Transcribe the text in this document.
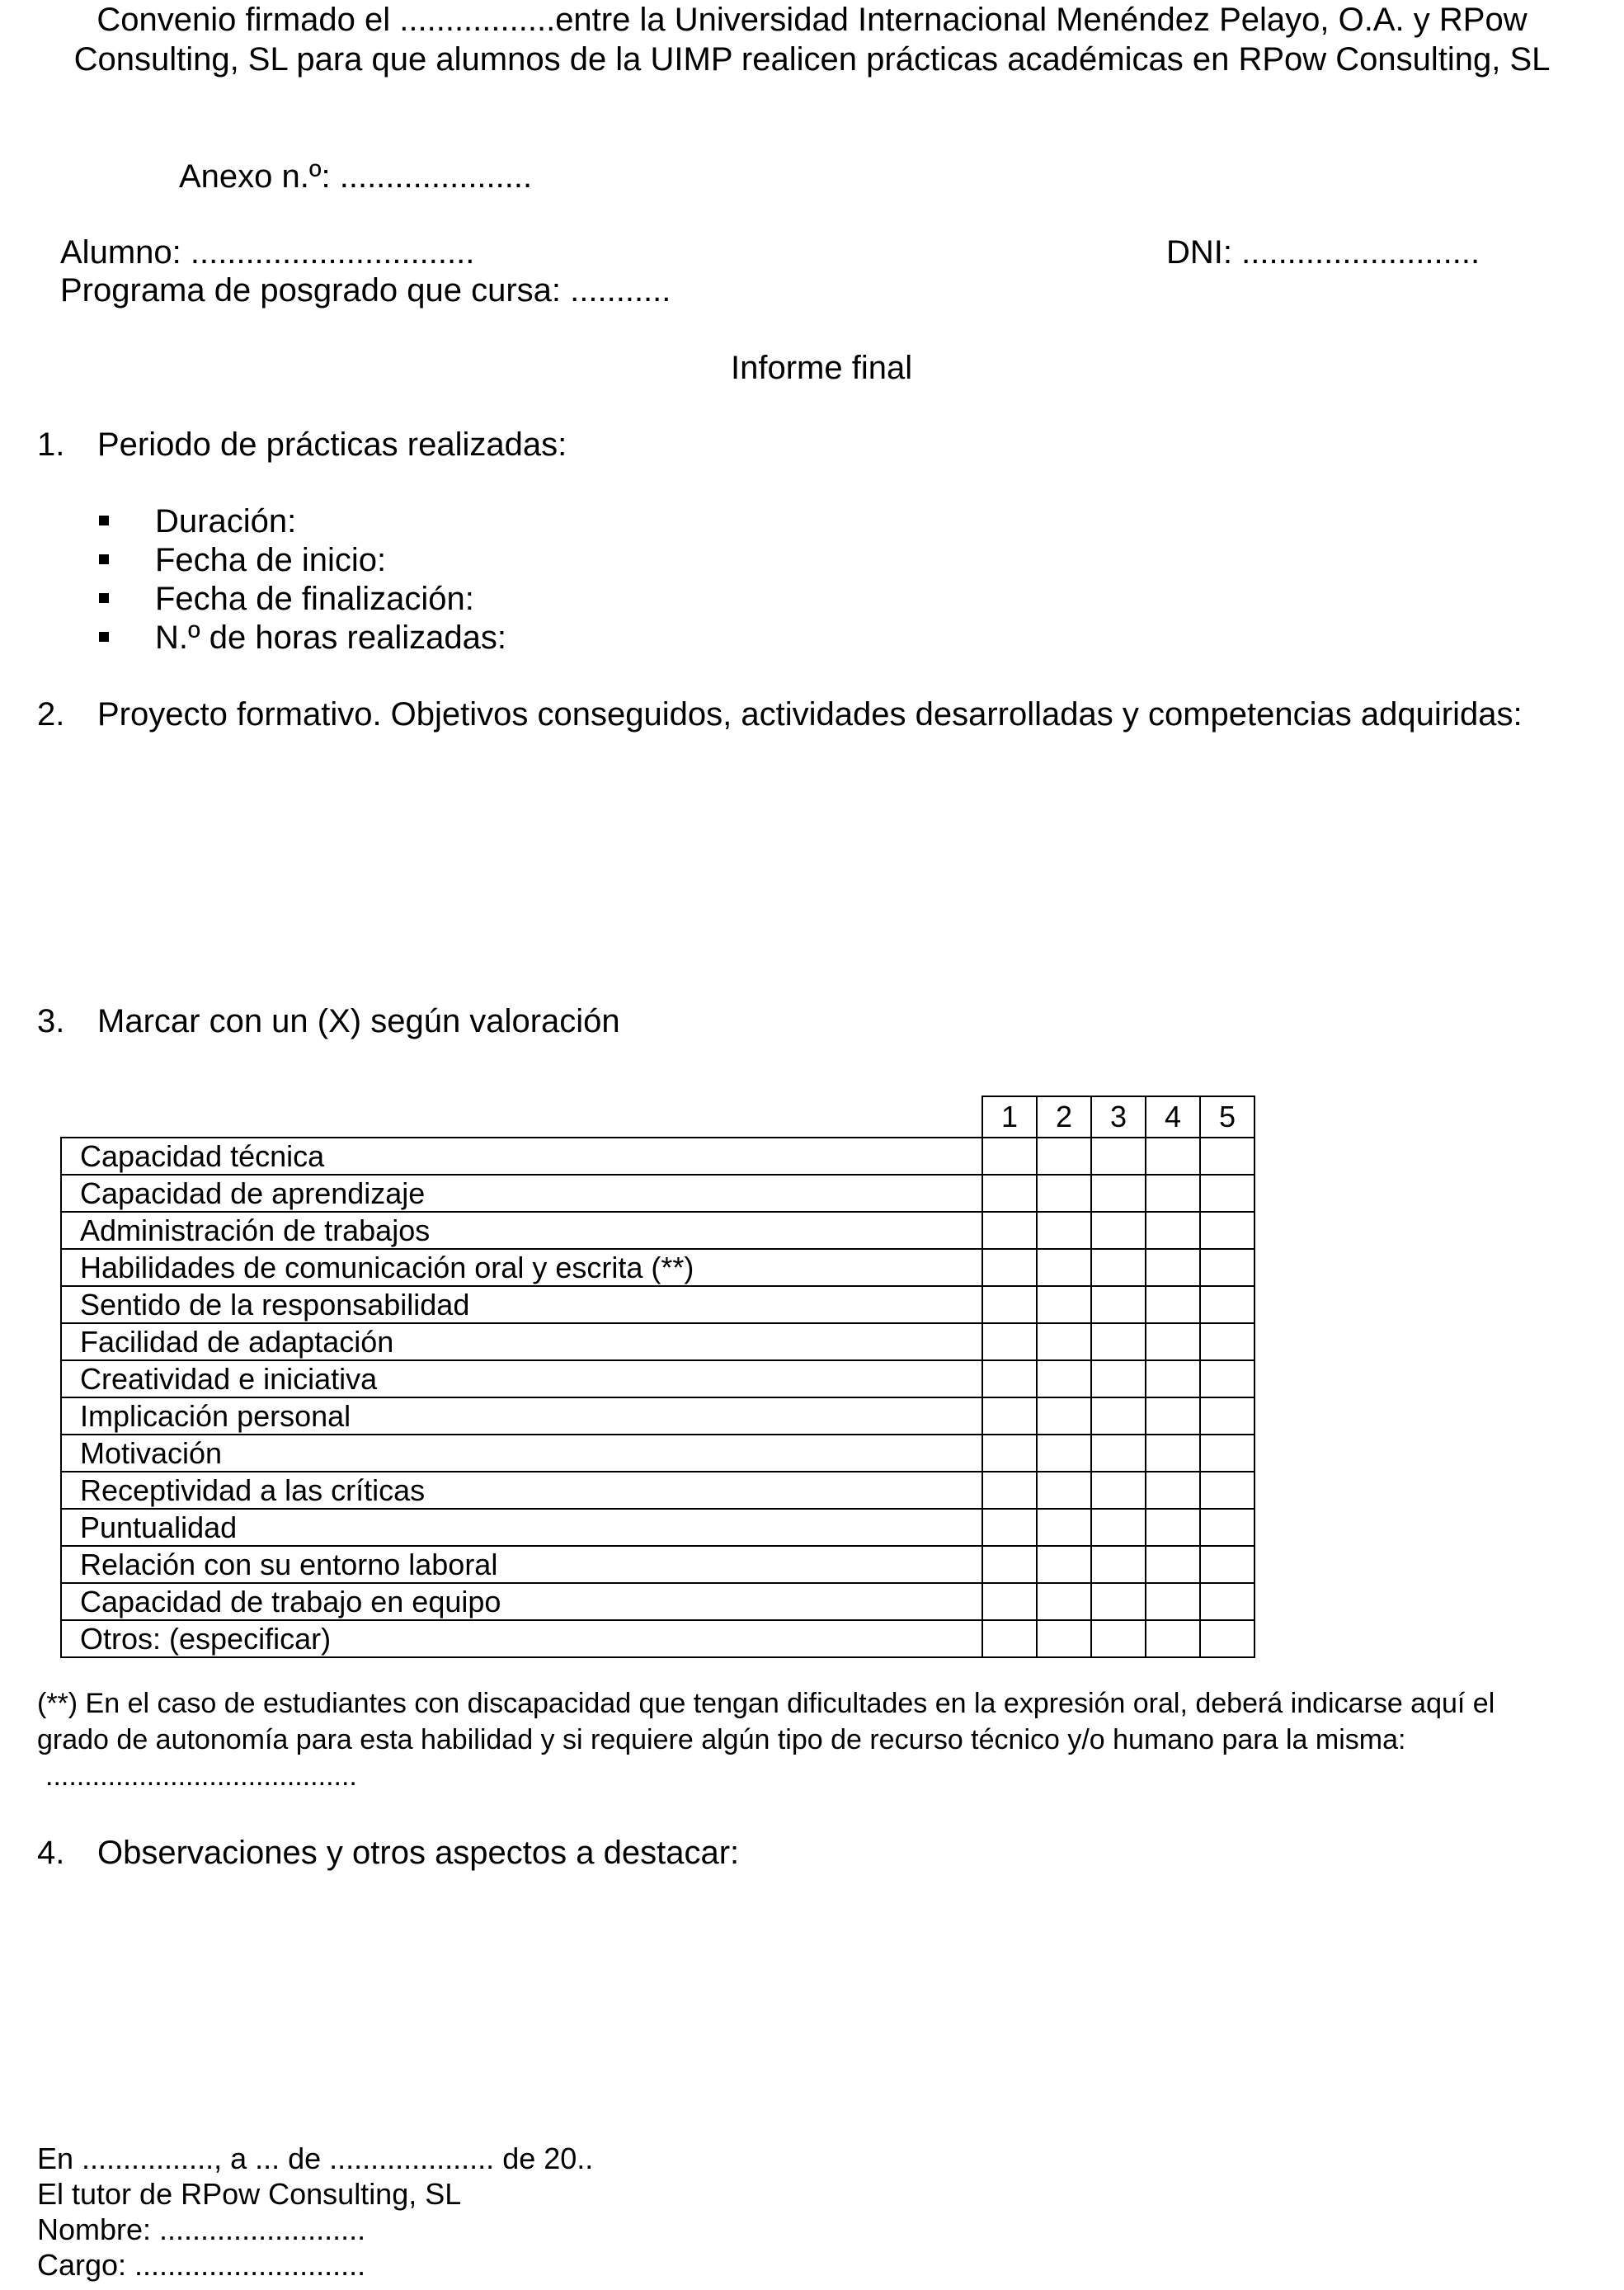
Convenio firmado el .................entre la Universidad Internacional Menéndez Pelayo, O.A. y RPow
Consulting, SL para que alumnos de la UIMP realicen prácticas académicas en RPow Consulting, SL
Anexo n.º: .....................
Alumno: ...............................	DNI: ..........................
Programa de posgrado que cursa: ...........
Informe final
1. Periodo de prácticas realizadas:
Duración:
Fecha de inicio:
Fecha de finalización:
N.º de horas realizadas:
2. Proyecto formativo. Objetivos conseguidos, actividades desarrolladas y competencias adquiridas:
3. Marcar con un (X) según valoración
	1	2	3	4	5
Capacidad técnica					
Capacidad de aprendizaje					
Administración de trabajos					
Habilidades de comunicación oral y escrita (**)					
Sentido de la responsabilidad					
Facilidad de adaptación					
Creatividad e iniciativa					
Implicación personal					
Motivación					
Receptividad a las críticas					
Puntualidad					
Relación con su entorno laboral					
Capacidad de trabajo en equipo					
Otros: (especificar)					
(**) En el caso de estudiantes con discapacidad que tengan dificultades en la expresión oral, deberá indicarse aquí el
grado de autonomía para esta habilidad y si requiere algún tipo de recurso técnico y/o humano para la misma:
........................................
4. Observaciones y otros aspectos a destacar:
En ................, a ... de .................... de 20..
El tutor de RPow Consulting, SL
Nombre: .........................
Cargo: ............................
